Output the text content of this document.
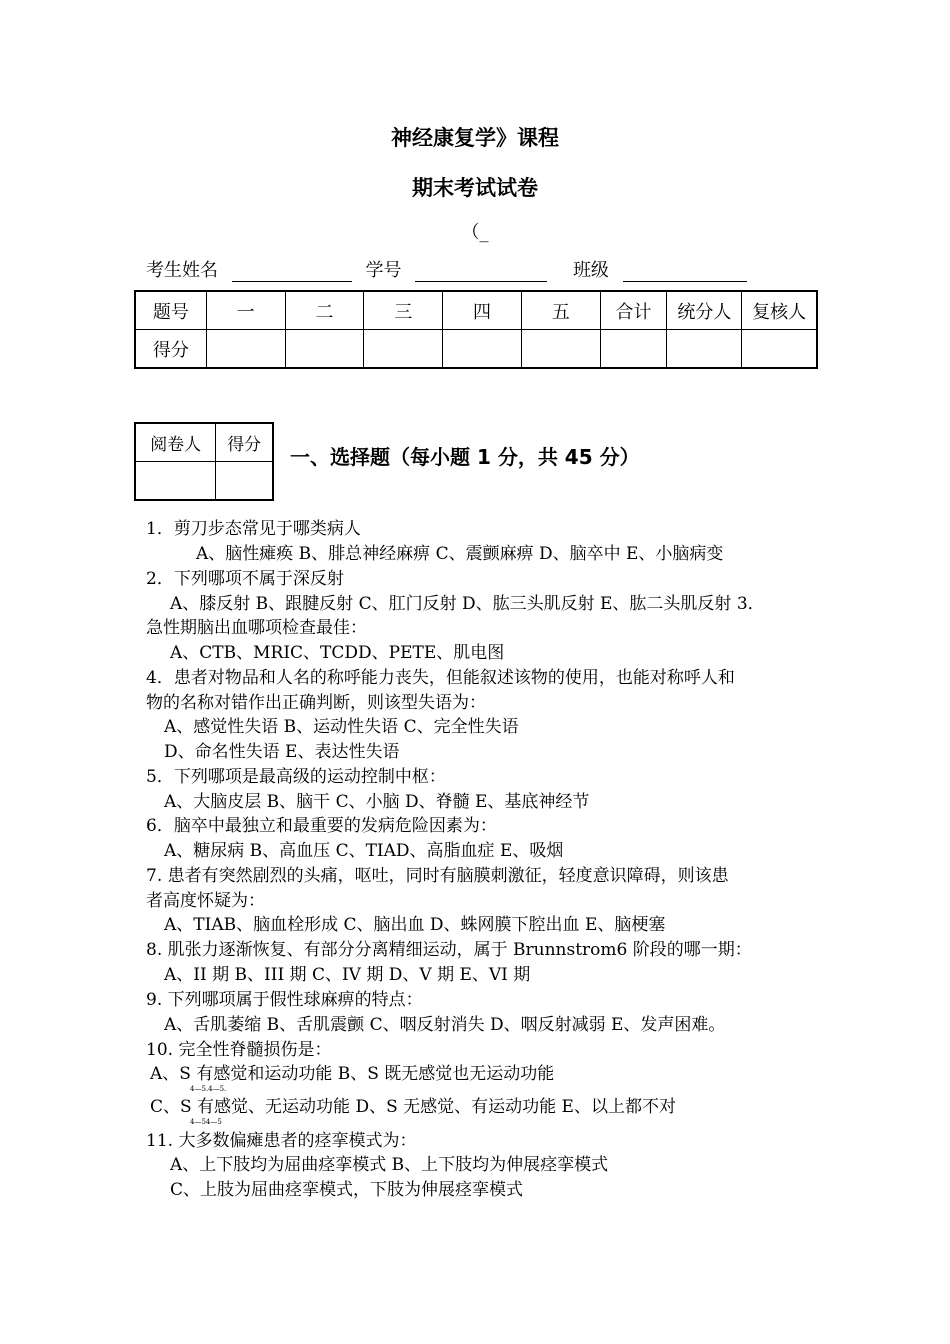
神经康复学》课程
期末考试试卷
（_
考生姓名	学号	班级
题号	一	二	三	四	五	合计	统分人	复核人
得分								
阅卷人	得分
	一、选择题（每小题 1 分，共 45 分）
1．剪刀步态常见于哪类病人
A、脑性瘫痪 B、腓总神经麻痹 C、震颤麻痹 D、脑卒中 E、小脑病变
2．下列哪项不属于深反射
A、膝反射 B、跟腱反射 C、肛门反射 D、肱三头肌反射 E、肱二头肌反射 3．
急性期脑出血哪项检查最佳：
A、CTB、MRIC、TCDD、PETE、肌电图
4．患者对物品和人名的称呼能力丧失，但能叙述该物的使用，也能对称呼人和
物的名称对错作出正确判断，则该型失语为：
A、感觉性失语 B、运动性失语 C、完全性失语
D、命名性失语 E、表达性失语
5．下列哪项是最高级的运动控制中枢：
A、大脑皮层 B、脑干 C、小脑 D、脊髓 E、基底神经节
6．脑卒中最独立和最重要的发病危险因素为：
A、糖尿病 B、高血压 C、TIAD、高脂血症 E、吸烟
7. 患者有突然剧烈的头痛，呕吐，同时有脑膜刺激征，轻度意识障碍，则该患
者高度怀疑为：
A、TIAB、脑血栓形成 C、脑出血 D、蛛网膜下腔出血 E、脑梗塞
8. 肌张力逐渐恢复、有部分分离精细运动，属于 Brunnstrom6 阶段的哪一期：
A、II 期 B、III 期 C、IV 期 D、V 期 E、VI 期
9. 下列哪项属于假性球麻痹的特点：
A、舌肌萎缩 B、舌肌震颤 C、咽反射消失 D、咽反射减弱 E、发声困难。
10. 完全性脊髓损伤是：
A、S 有感觉和运动功能 B、S 既无感觉也无运动功能
4—5.4—5.
C、S 有感觉、无运动功能 D、S 无感觉、有运动功能 E、以上都不对
4—54—5
11. 大多数偏瘫患者的痉挛模式为：
A、上下肢均为屈曲痉挛模式 B、上下肢均为伸展痉挛模式
C、上肢为屈曲痉挛模式，下肢为伸展痉挛模式
